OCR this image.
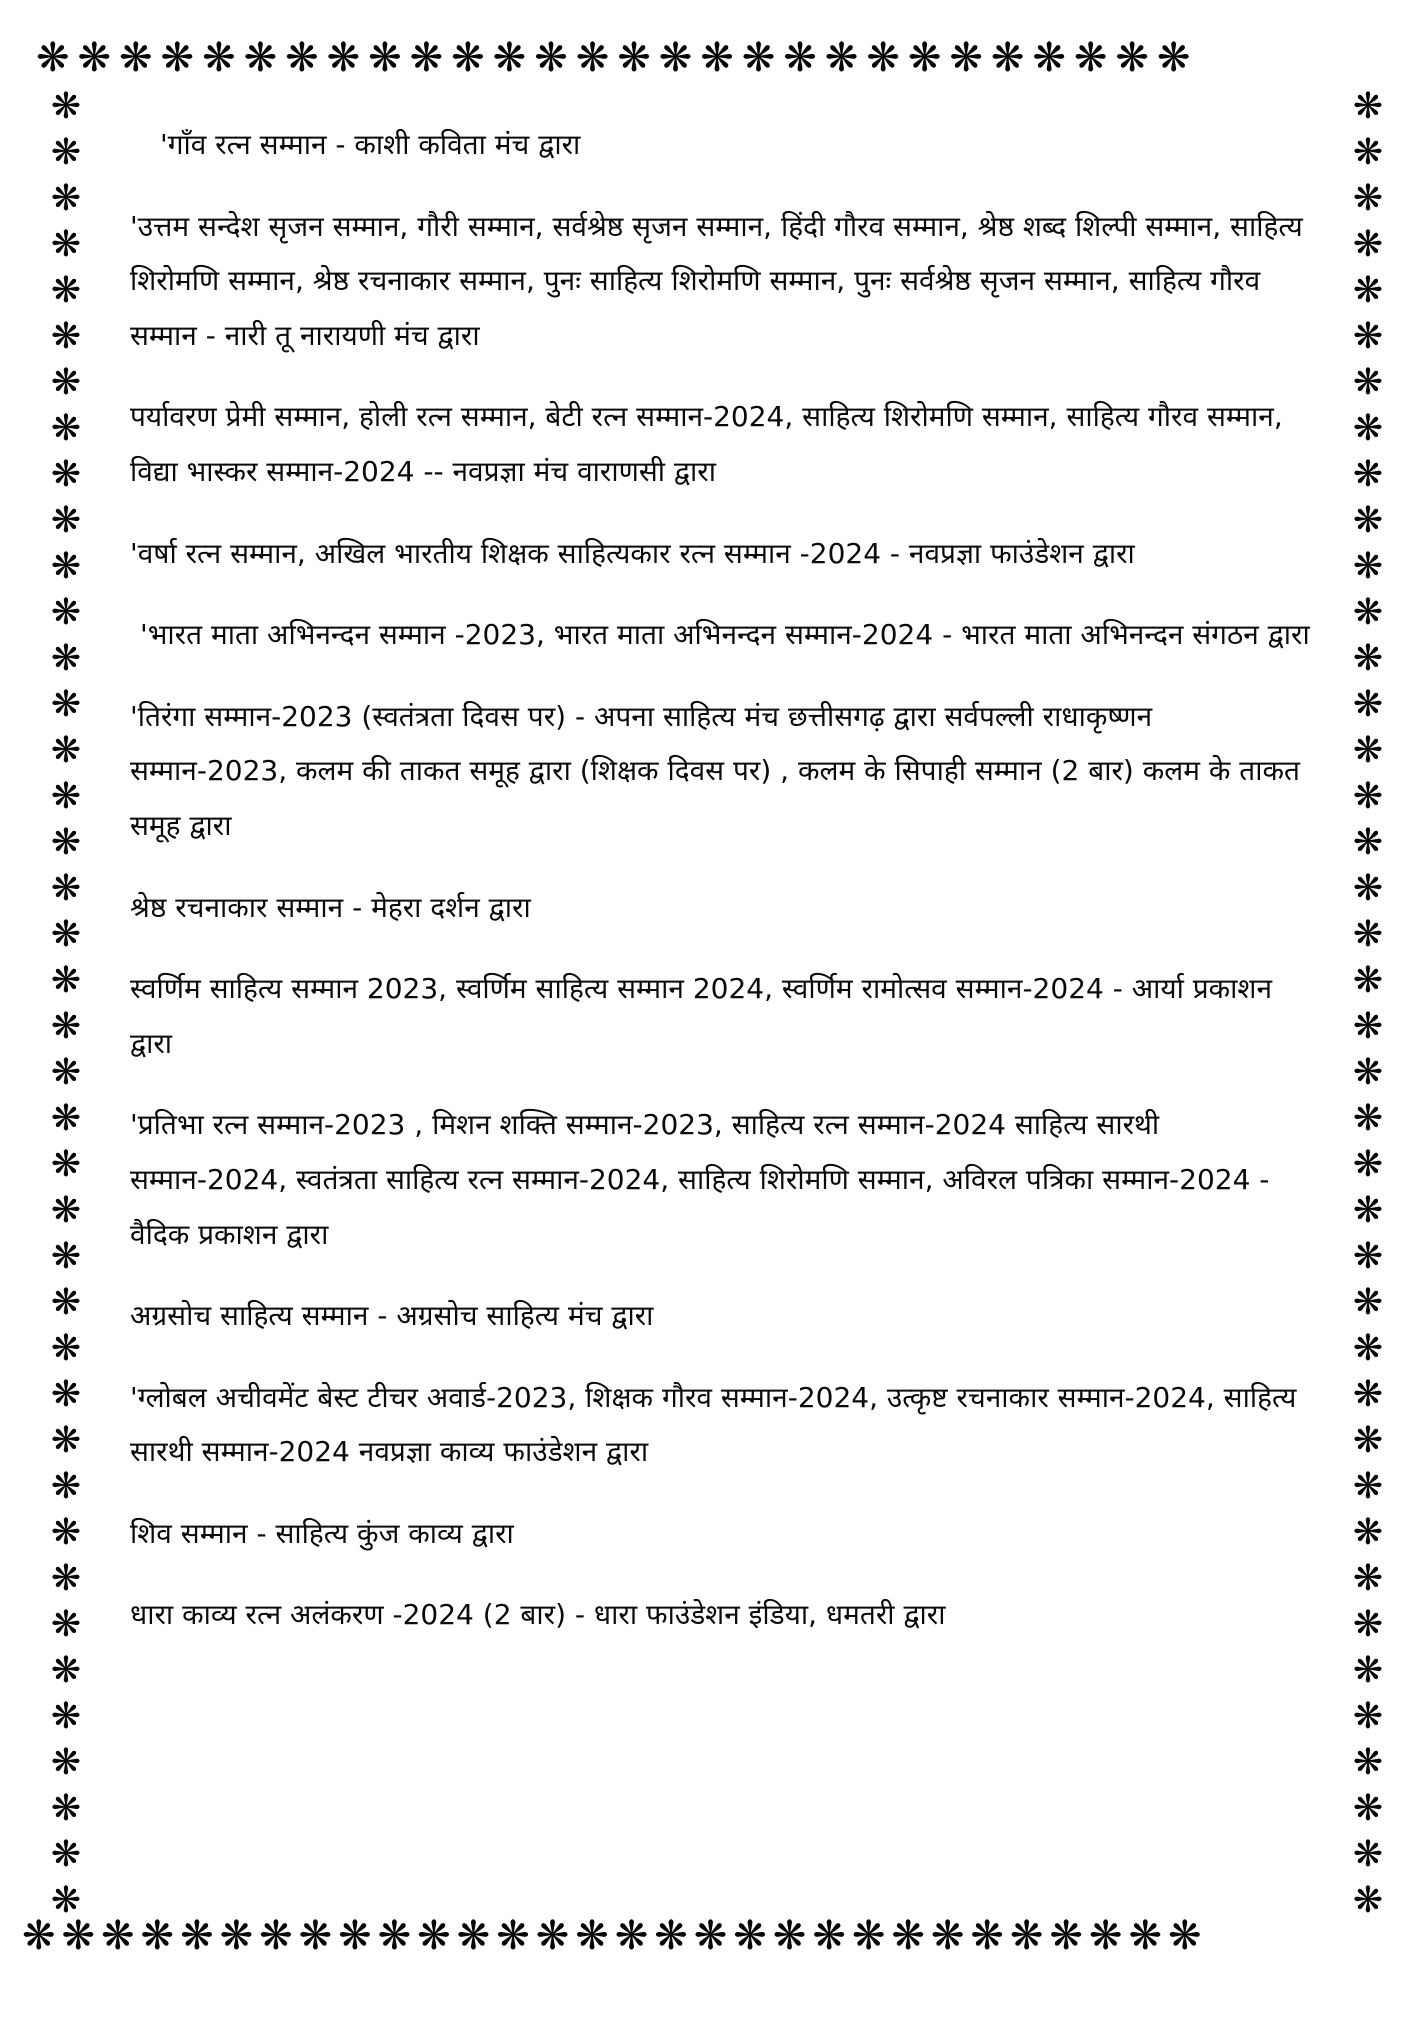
❋❋❋❋❋❋❋❋❋❋❋❋❋❋❋❋❋❋❋❋❋❋❋❋❋❋❋❋
❋❋❋❋❋❋❋❋❋❋❋❋❋❋❋❋❋❋❋❋❋❋❋❋❋❋❋❋❋❋❋❋❋❋❋❋❋❋❋❋
❋❋❋❋❋❋❋❋❋❋❋❋❋❋❋❋❋❋❋❋❋❋❋❋❋❋❋❋❋❋❋❋❋❋❋❋❋❋❋❋
❋❋❋❋❋❋❋❋❋❋❋❋❋❋❋❋❋❋❋❋❋❋❋❋❋❋❋❋❋❋

'गाँव रत्न सम्मान - काशी कविता मंच द्वारा

'उत्तम सन्देश सृजन सम्मान, गौरी सम्मान, सर्वश्रेष्ठ सृजन सम्मान, हिंदी गौरव सम्मान, श्रेष्ठ शब्द शिल्पी सम्मान, साहित्य शिरोमणि सम्मान, श्रेष्ठ रचनाकार सम्मान, पुनः साहित्य शिरोमणि सम्मान, पुनः सर्वश्रेष्ठ सृजन सम्मान, साहित्य गौरव सम्मान - नारी तू नारायणी मंच द्वारा

पर्यावरण प्रेमी सम्मान, होली रत्न सम्मान, बेटी रत्न सम्मान-2024, साहित्य शिरोमणि सम्मान, साहित्य गौरव सम्मान, विद्या भास्कर सम्मान-2024 -- नवप्रज्ञा मंच वाराणसी द्वारा

'वर्षा रत्न सम्मान, अखिल भारतीय शिक्षक साहित्यकार रत्न सम्मान -2024 - नवप्रज्ञा फाउंडेशन द्वारा

'भारत माता अभिनन्दन सम्मान -2023, भारत माता अभिनन्दन सम्मान-2024 - भारत माता अभिनन्दन संगठन द्वारा

'तिरंगा सम्मान-2023 (स्वतंत्रता दिवस पर) - अपना साहित्य मंच छत्तीसगढ़ द्वारा सर्वपल्ली राधाकृष्णन सम्मान-2023, कलम की ताकत समूह द्वारा (शिक्षक दिवस पर) , कलम के सिपाही सम्मान (2 बार) कलम के ताकत समूह द्वारा

श्रेष्ठ रचनाकार सम्मान - मेहरा दर्शन द्वारा

स्वर्णिम साहित्य सम्मान 2023, स्वर्णिम साहित्य सम्मान 2024, स्वर्णिम रामोत्सव सम्मान-2024 - आर्या प्रकाशन द्वारा

'प्रतिभा रत्न सम्मान-2023 , मिशन शक्ति सम्मान-2023, साहित्य रत्न सम्मान-2024 साहित्य सारथी सम्मान-2024, स्वतंत्रता साहित्य रत्न सम्मान-2024, साहित्य शिरोमणि सम्मान, अविरल पत्रिका सम्मान-2024 - वैदिक प्रकाशन द्वारा

अग्रसोच साहित्य सम्मान - अग्रसोच साहित्य मंच द्वारा

'ग्लोबल अचीवमेंट बेस्ट टीचर अवार्ड-2023, शिक्षक गौरव सम्मान-2024, उत्कृष्ट रचनाकार सम्मान-2024, साहित्य सारथी सम्मान-2024 नवप्रज्ञा काव्य फाउंडेशन द्वारा

शिव सम्मान - साहित्य कुंज काव्य द्वारा

धारा काव्य रत्न अलंकरण -2024 (2 बार) - धारा फाउंडेशन इंडिया, धमतरी द्वारा
